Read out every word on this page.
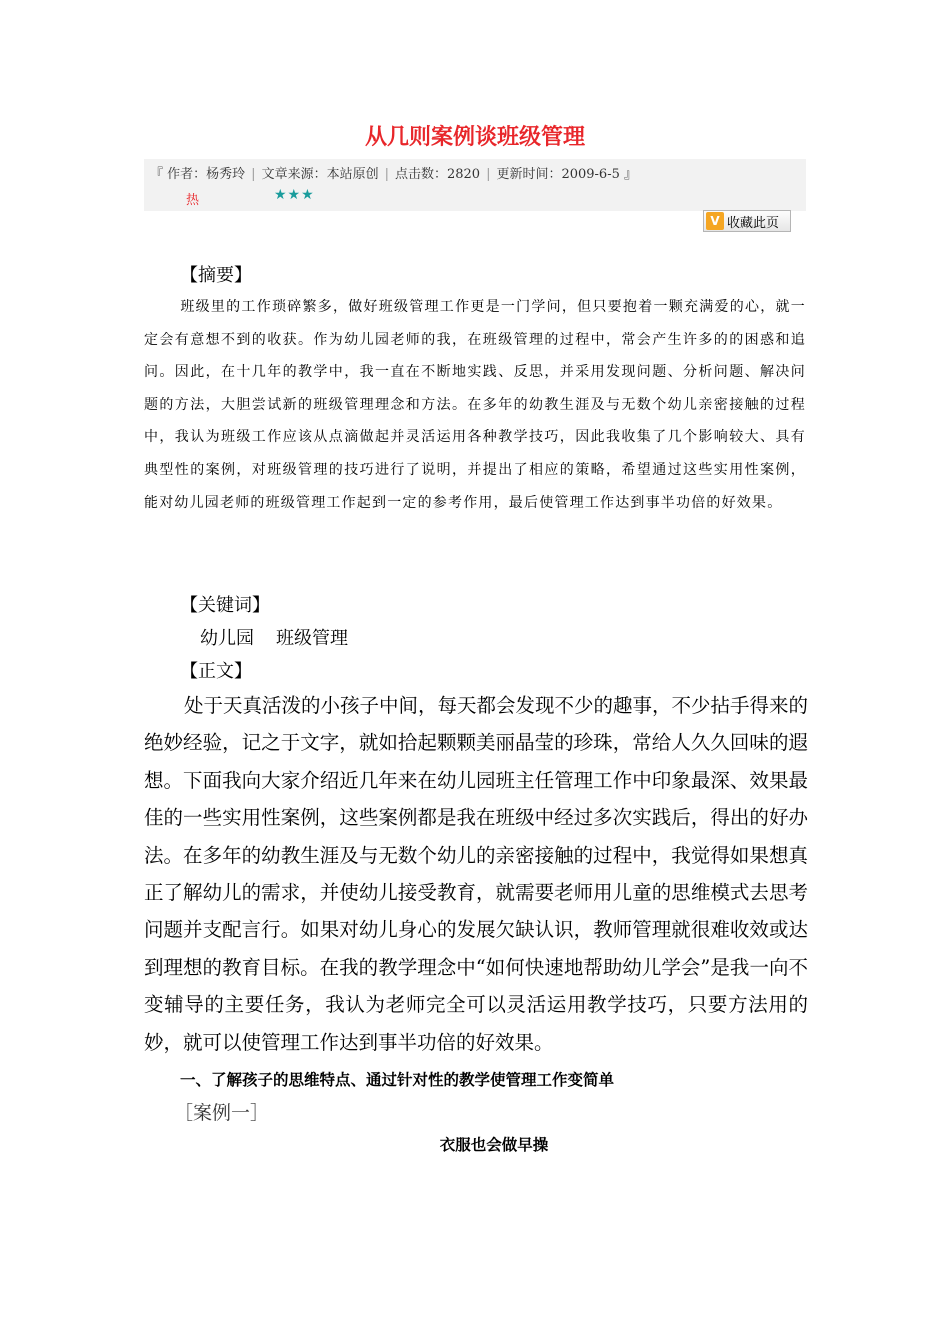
从几则案例谈班级管理
『 作者：杨秀玲 | 文章来源：本站原创 | 点击数：2820 | 更新时间：2009-6-5 』
热	★★★
V 收藏此页
【摘要】
班级里的工作琐碎繁多，做好班级管理工作更是一门学问，但只要抱着一颗充满爱的心，就一定会有意想不到的收获。作为幼儿园老师的我，在班级管理的过程中，常会产生许多的的困惑和追问。因此，在十几年的教学中，我一直在不断地实践、反思，并采用发现问题、分析问题、解决问题的方法，大胆尝试新的班级管理理念和方法。在多年的幼教生涯及与无数个幼儿亲密接触的过程中，我认为班级工作应该从点滴做起并灵活运用各种教学技巧，因此我收集了几个影响较大、具有典型性的案例，对班级管理的技巧进行了说明，并提出了相应的策略，希望通过这些实用性案例，能对幼儿园老师的班级管理工作起到一定的参考作用，最后使管理工作达到事半功倍的好效果。
【关键词】
幼儿园 班级管理
【正文】
处于天真活泼的小孩子中间，每天都会发现不少的趣事，不少拈手得来的绝妙经验，记之于文字，就如拾起颗颗美丽晶莹的珍珠，常给人久久回味的遐想。下面我向大家介绍近几年来在幼儿园班主任管理工作中印象最深、效果最佳的一些实用性案例，这些案例都是我在班级中经过多次实践后，得出的好办法。在多年的幼教生涯及与无数个幼儿的亲密接触的过程中，我觉得如果想真正了解幼儿的需求，并使幼儿接受教育，就需要老师用儿童的思维模式去思考问题并支配言行。如果对幼儿身心的发展欠缺认识，教师管理就很难收效或达到理想的教育目标。在我的教学理念中“如何快速地帮助幼儿学会”是我一向不变辅导的主要任务，我认为老师完全可以灵活运用教学技巧，只要方法用的妙，就可以使管理工作达到事半功倍的好效果。
一、了解孩子的思维特点、通过针对性的教学使管理工作变简单
［案例一］
衣服也会做早操
